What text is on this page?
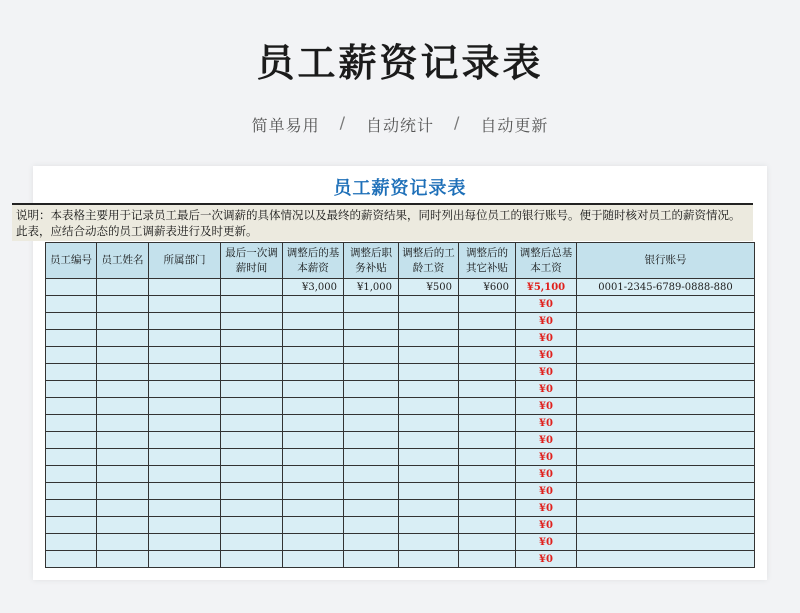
员工薪资记录表
简单易用 / 自动统计 / 自动更新
员工薪资记录表
说明：本表格主要用于记录员工最后一次调薪的具体情况以及最终的薪资结果，同时列出每位员工的银行账号。便于随时核对员工的薪资情况。此表，应结合动态的员工调薪表进行及时更新。
员工编号	员工姓名	所属部门	最后一次调薪时间	调整后的基本薪资	调整后职务补贴	调整后的工龄工资	调整后的其它补贴	调整后总基本工资	银行账号
				¥3,000	¥1,000	¥500	¥600	¥5,100	0001-2345-6789-0888-880
								¥0	
								¥0	
								¥0	
								¥0	
								¥0	
								¥0	
								¥0	
								¥0	
								¥0	
								¥0	
								¥0	
								¥0	
								¥0	
								¥0	
								¥0	
								¥0	
